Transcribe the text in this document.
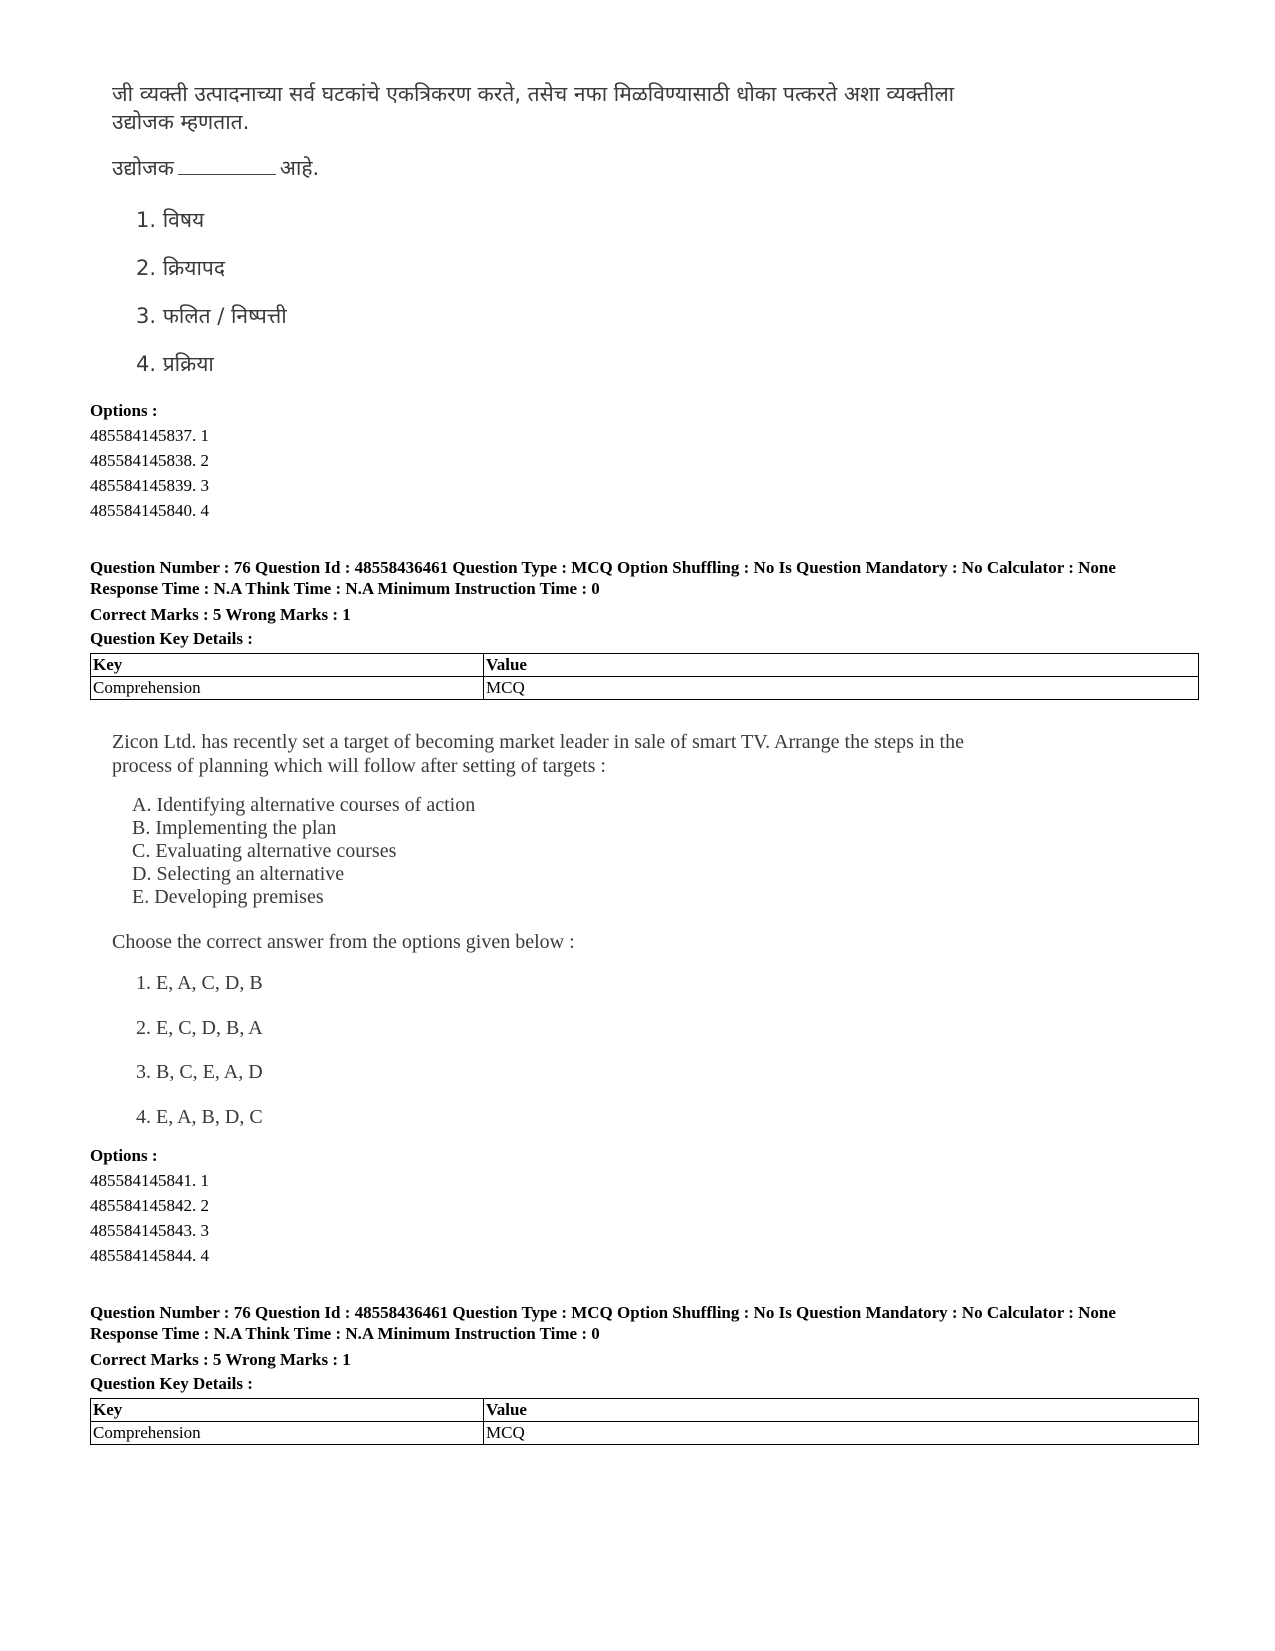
जी व्यक्ती उत्पादनाच्या सर्व घटकांचे एकत्रिकरण करते, तसेच नफा मिळविण्यासाठी धोका पत्करते अशा व्यक्तीला
उद्योजक म्हणतात.
उद्योजक	आहे.
1. विषय
2. क्रियापद
3. फलित / निष्पत्ती
4. प्रक्रिया
Options :
485584145837. 1
485584145838. 2
485584145839. 3
485584145840. 4
Question Number : 76 Question Id : 48558436461 Question Type : MCQ Option Shuffling : No Is Question Mandatory : No Calculator : None
Response Time : N.A Think Time : N.A Minimum Instruction Time : 0
Correct Marks : 5 Wrong Marks : 1
Question Key Details :
Key	Value
Comprehension	MCQ
Zicon Ltd. has recently set a target of becoming market leader in sale of smart TV. Arrange the steps in the
process of planning which will follow after setting of targets :
A. Identifying alternative courses of action
B. Implementing the plan
C. Evaluating alternative courses
D. Selecting an alternative
E. Developing premises
Choose the correct answer from the options given below :
1. E, A, C, D, B
2. E, C, D, B, A
3. B, C, E, A, D
4. E, A, B, D, C
Options :
485584145841. 1
485584145842. 2
485584145843. 3
485584145844. 4
Question Number : 76 Question Id : 48558436461 Question Type : MCQ Option Shuffling : No Is Question Mandatory : No Calculator : None
Response Time : N.A Think Time : N.A Minimum Instruction Time : 0
Correct Marks : 5 Wrong Marks : 1
Question Key Details :
Key	Value
Comprehension	MCQ
